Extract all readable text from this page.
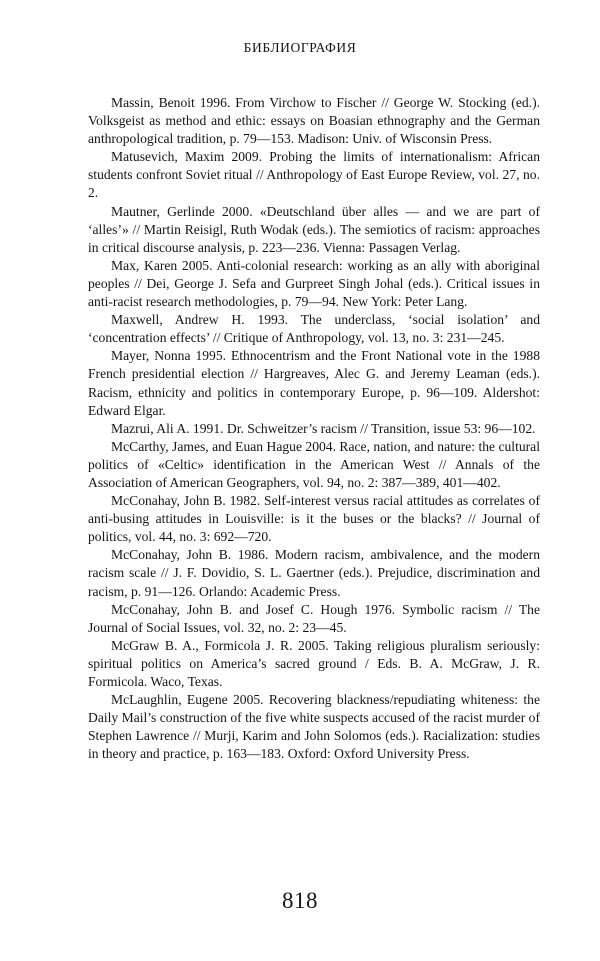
БИБЛИОГРАФИЯ

Massin, Benoit 1996. From Virchow to Fischer // George W. Stocking (ed.). Volksgeist as method and ethic: essays on Boasian ethnography and the German anthropological tradition, p. 79—153. Madison: Univ. of Wisconsin Press.

Matusevich, Maxim 2009. Probing the limits of internationalism: African students confront Soviet ritual // Anthropology of East Europe Review, vol. 27, no. 2.

Mautner, Gerlinde 2000. «Deutschland über alles — and we are part of ‘alles’» // Martin Reisigl, Ruth Wodak (eds.). The semiotics of racism: approaches in critical discourse analysis, p. 223—236. Vienna: Passagen Verlag.

Max, Karen 2005. Anti-colonial research: working as an ally with aboriginal peoples // Dei, George J. Sefa and Gurpreet Singh Johal (eds.). Critical issues in anti-racist research methodologies, p. 79—94. New York: Peter Lang.

Maxwell, Andrew H. 1993. The underclass, ‘social isolation’ and ‘concentration effects’ // Critique of Anthropology, vol. 13, no. 3: 231—245.

Mayer, Nonna 1995. Ethnocentrism and the Front National vote in the 1988 French presidential election // Hargreaves, Alec G. and Jeremy Leaman (eds.). Racism, ethnicity and politics in contemporary Europe, p. 96—109. Aldershot: Edward Elgar.

Mazrui, Ali A. 1991. Dr. Schweitzer’s racism // Transition, issue 53: 96—102.

McCarthy, James, and Euan Hague 2004. Race, nation, and nature: the cultural politics of «Celtic» identification in the American West // Annals of the Association of American Geographers, vol. 94, no. 2: 387—389, 401—402.

McConahay, John B. 1982. Self-interest versus racial attitudes as correlates of anti-busing attitudes in Louisville: is it the buses or the blacks? // Journal of politics, vol. 44, no. 3: 692—720.

McConahay, John B. 1986. Modern racism, ambivalence, and the modern racism scale // J. F. Dovidio, S. L. Gaertner (eds.). Prejudice, discrimination and racism, p. 91—126. Orlando: Academic Press.

McConahay, John B. and Josef C. Hough 1976. Symbolic racism // The Journal of Social Issues, vol. 32, no. 2: 23—45.

McGraw B. A., Formicola J. R. 2005. Taking religious pluralism seriously: spiritual politics on America’s sacred ground / Eds. B. A. McGraw, J. R. Formicola. Waco, Texas.

McLaughlin, Eugene 2005. Recovering blackness/repudiating whiteness: the Daily Mail’s construction of the five white suspects accused of the racist murder of Stephen Lawrence // Murji, Karim and John Solomos (eds.). Racialization: studies in theory and practice, p. 163—183. Oxford: Oxford University Press.

818
